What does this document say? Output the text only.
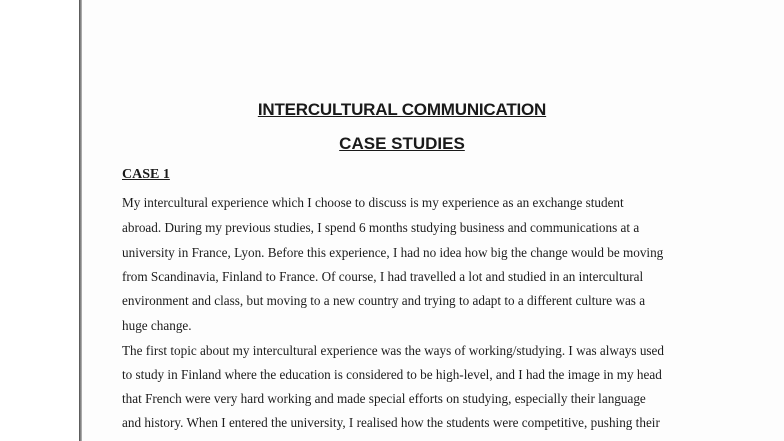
INTERCULTURAL COMMUNICATION
CASE STUDIES
CASE 1
My intercultural experience which I choose to discuss is my experience as an exchange student
abroad. During my previous studies, I spend 6 months studying business and communications at a
university in France, Lyon. Before this experience, I had no idea how big the change would be moving
from Scandinavia, Finland to France. Of course, I had travelled a lot and studied in an intercultural
environment and class, but moving to a new country and trying to adapt to a different culture was a
huge change.
The first topic about my intercultural experience was the ways of working/studying. I was always used
to study in Finland where the education is considered to be high-level, and I had the image in my head
that French were very hard working and made special efforts on studying, especially their language
and history. When I entered the university, I realised how the students were competitive, pushing their
